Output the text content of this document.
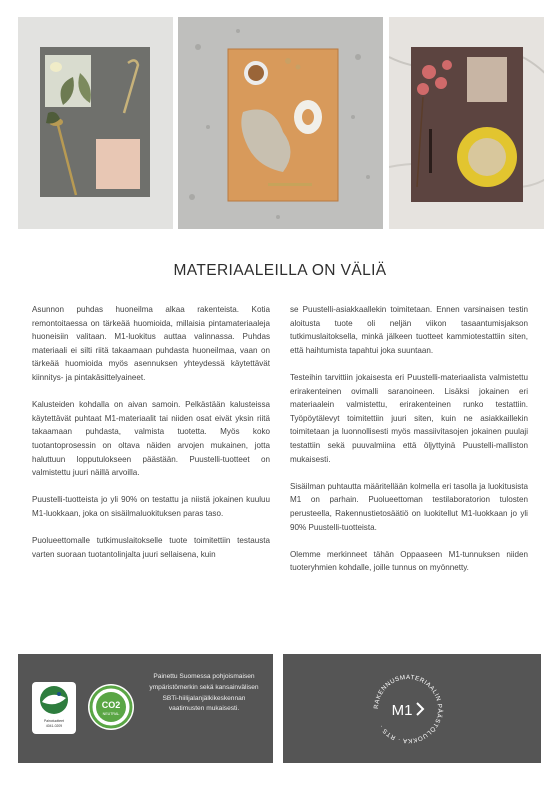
MATERIAALEILLA ON VÄLIÄ

Asunnon puhdas huoneilma alkaa rakenteista. Kotia remontoitaessa on tärkeää huomioida, millaisia pintamateriaaleja huoneisiin valitaan. M1-luokitus auttaa valinnassa. Puhdas materiaali ei silti riitä takaamaan puhdasta huoneilmaa, vaan on tärkeää huomioida myös asennuksen yhteydessä käytettävät kiinnitys- ja pintakäsittelyaineet.

Kalusteiden kohdalla on aivan samoin. Pelkästään kalusteissa käytettävät puhtaat M1-materiaalit tai niiden osat eivät yksin riitä takaamaan puhdasta, valmista tuotetta. Myös koko tuotantoprosessin on oltava näiden arvojen mukainen, jotta haluttuun lopputulokseen päästään. Puustelli-tuotteet on valmistettu juuri näillä arvoilla.

Puustelli-tuotteista jo yli 90% on testattu ja niistä jokainen kuuluu M1-luokkaan, joka on sisäilmaluokituksen paras taso.

Puolueettomalle tutkimuslaitokselle tuote toimitettiin testausta varten suoraan tuotantolinjalta juuri sellaisena, kuin

se Puustelli-asiakkaallekin toimitetaan. Ennen varsinaisen testin aloitusta tuote oli neljän viikon tasaantumisjakson tutkimuslaitoksella, minkä jälkeen tuotteet kammiotestattiin siten, että haihtumista tapahtui joka suuntaan.

Testeihin tarvittiin jokaisesta eri Puustelli-materiaalista valmistettu erirakenteinen ovimalli saranoineen. Lisäksi jokainen eri materiaalein valmistettu, erirakenteinen runko testattiin. Työpöytälevyt toimitettiin juuri siten, kuin ne asiakkaillekin toimitetaan ja luonnollisesti myös massiivitasojen jokainen puulaji testattiin sekä puuvalmiina että öljyttyinä Puustelli-malliston mukaisesti.

Sisäilman puhtautta määritellään kolmella eri tasolla ja luokitusista M1 on parhain. Puolueettoman testilaboratorion tulosten perusteella, Rakennustietosäätiö on luokitellut M1-luokkaan jo yli 90% Puustelli-tuotteista.

Olemme merkinneet tähän Oppaaseen M1-tunnuksen niiden tuoteryhmien kohdalle, joille tunnus on myönnetty.

Painotuotteet
4041-0209
CO2
NEUTRAL
Painettu Suomessa pohjoismaisen ympäristömerkin sekä kansainvälisen SBTi-hiilijalanjälkikeskennan vaatimusten mukaisesti.	RAKENNUSMATERIAALIN PÄÄSTÖLUOKKA · RTS ·
M1
